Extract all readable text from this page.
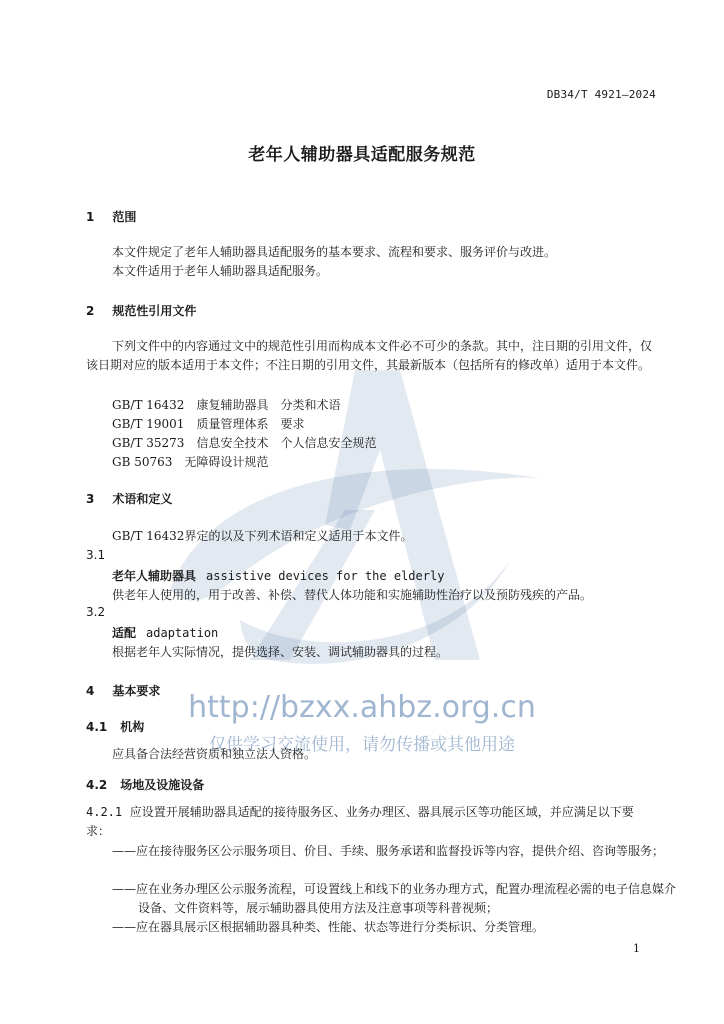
http://bzxx.ahbz.org.cn
仅供学习交流使用，请勿传播或其他用途
DB34/T 4921—2024
老年人辅助器具适配服务规范
1 范围
本文件规定了老年人辅助器具适配服务的基本要求、流程和要求、服务评价与改进。
本文件适用于老年人辅助器具适配服务。
2 规范性引用文件
下列文件中的内容通过文中的规范性引用而构成本文件必不可少的条款。其中，注日期的引用文件，仅该日期对应的版本适用于本文件；不注日期的引用文件，其最新版本（包括所有的修改单）适用于本文件。
GB/T 16432　康复辅助器具　分类和术语
GB/T 19001　质量管理体系　要求
GB/T 35273　信息安全技术　个人信息安全规范
GB 50763　无障碍设计规范
3 术语和定义
GB/T 16432界定的以及下列术语和定义适用于本文件。
3.1
老年人辅助器具 assistive devices for the elderly
供老年人使用的，用于改善、补偿、替代人体功能和实施辅助性治疗以及预防残疾的产品。
3.2
适配 adaptation
根据老年人实际情况，提供选择、安装、调试辅助器具的过程。
4 基本要求
4.1 机构
应具备合法经营资质和独立法人资格。
4.2 场地及设施设备
4.2.1 应设置开展辅助器具适配的接待服务区、业务办理区、器具展示区等功能区域，并应满足以下要求：
——应在接待服务区公示服务项目、价目、手续、服务承诺和监督投诉等内容，提供介绍、咨询等服务；
——应在业务办理区公示服务流程，可设置线上和线下的业务办理方式，配置办理流程必需的电子信息媒介设备、文件资料等，展示辅助器具使用方法及注意事项等科普视频；
——应在器具展示区根据辅助器具种类、性能、状态等进行分类标识、分类管理。
1
